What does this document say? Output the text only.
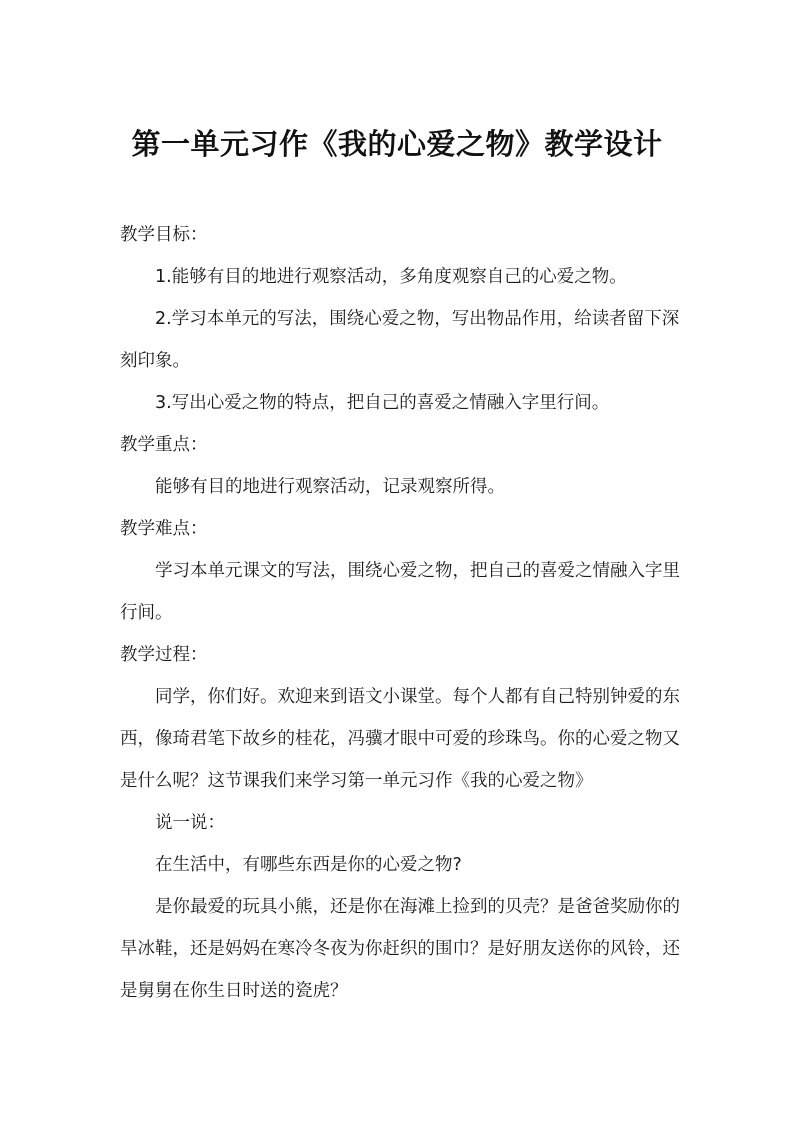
第一单元习作《我的心爱之物》教学设计

教学目标：

1.能够有目的地进行观察活动，多角度观察自己的心爱之物。

2.学习本单元的写法，围绕心爱之物，写出物品作用，给读者留下深刻印象。

3.写出心爱之物的特点，把自己的喜爱之情融入字里行间。

教学重点：

能够有目的地进行观察活动，记录观察所得。

教学难点：

学习本单元课文的写法，围绕心爱之物，把自己的喜爱之情融入字里行间。

教学过程：

同学，你们好。欢迎来到语文小课堂。每个人都有自己特别钟爱的东西，像琦君笔下故乡的桂花，冯骥才眼中可爱的珍珠鸟。你的心爱之物又是什么呢？这节课我们来学习第一单元习作《我的心爱之物》

说一说：

在生活中，有哪些东西是你的心爱之物?

是你最爱的玩具小熊，还是你在海滩上捡到的贝壳？是爸爸奖励你的旱冰鞋，还是妈妈在寒冷冬夜为你赶织的围巾？是好朋友送你的风铃，还是舅舅在你生日时送的瓷虎？
